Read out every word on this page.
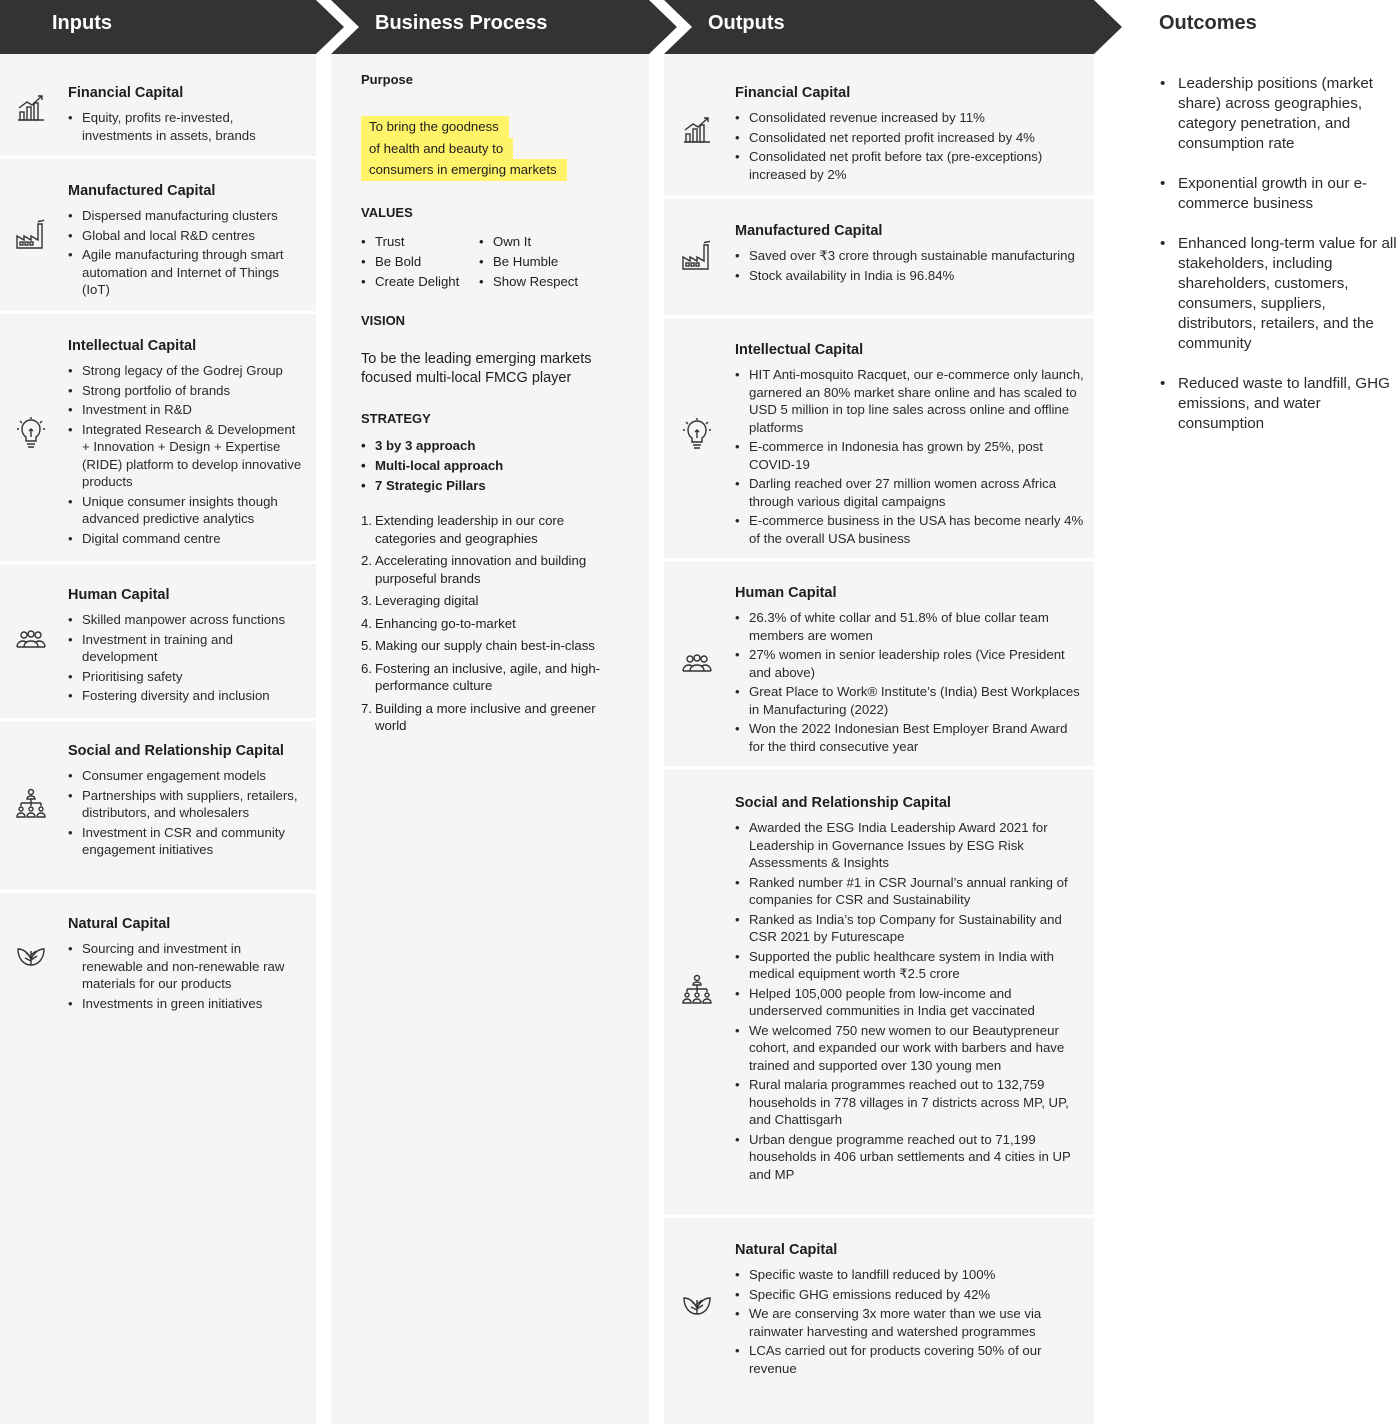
Inputs	Business Process	Outputs	Outcomes
Financial Capital
• Equity, profits re-invested, investments in assets, brands
Manufactured Capital
• Dispersed manufacturing clusters
• Global and local R&D centres
• Agile manufacturing through smart automation and Internet of Things (IoT)
Intellectual Capital
• Strong legacy of the Godrej Group
• Strong portfolio of brands
• Investment in R&D
• Integrated Research & Development + Innovation + Design + Expertise (RIDE) platform to develop innovative products
• Unique consumer insights though advanced predictive analytics
• Digital command centre
Human Capital
• Skilled manpower across functions
• Investment in training and development
• Prioritising safety
• Fostering diversity and inclusion
Social and Relationship Capital
• Consumer engagement models
• Partnerships with suppliers, retailers, distributors, and wholesalers
• Investment in CSR and community engagement initiatives
Natural Capital
• Sourcing and investment in renewable and non-renewable raw materials for our products
• Investments in green initiatives
Purpose
To bring the goodness
of health and beauty to
consumers in emerging markets
VALUES
• Trust
• Be Bold
• Create Delight
• Own It
• Be Humble
• Show Respect
VISION
To be the leading emerging markets focused multi-local FMCG player
STRATEGY
• 3 by 3 approach
• Multi-local approach
• 7 Strategic Pillars
1. Extending leadership in our core categories and geographies
2. Accelerating innovation and building purposeful brands
3. Leveraging digital
4. Enhancing go-to-market
5. Making our supply chain best-in-class
6. Fostering an inclusive, agile, and high-performance culture
7. Building a more inclusive and greener world
Financial Capital
• Consolidated revenue increased by 11%
• Consolidated net reported profit increased by 4%
• Consolidated net profit before tax (pre-exceptions) increased by 2%
Manufactured Capital
• Saved over ₹3 crore through sustainable manufacturing
• Stock availability in India is 96.84%
Intellectual Capital
• HIT Anti-mosquito Racquet, our e-commerce only launch, garnered an 80% market share online and has scaled to USD 5 million in top line sales across online and offline platforms
• E-commerce in Indonesia has grown by 25%, post COVID-19
• Darling reached over 27 million women across Africa through various digital campaigns
• E-commerce business in the USA has become nearly 4% of the overall USA business
Human Capital
• 26.3% of white collar and 51.8% of blue collar team members are women
• 27% women in senior leadership roles (Vice President and above)
• Great Place to Work® Institute’s (India) Best Workplaces in Manufacturing (2022)
• Won the 2022 Indonesian Best Employer Brand Award for the third consecutive year
Social and Relationship Capital
• Awarded the ESG India Leadership Award 2021 for Leadership in Governance Issues by ESG Risk Assessments & Insights
• Ranked number #1 in CSR Journal’s annual ranking of companies for CSR and Sustainability
• Ranked as India’s top Company for Sustainability and CSR 2021 by Futurescape
• Supported the public healthcare system in India with medical equipment worth ₹2.5 crore
• Helped 105,000 people from low-income and underserved communities in India get vaccinated
• We welcomed 750 new women to our Beautypreneur cohort, and expanded our work with barbers and have trained and supported over 130 young men
• Rural malaria programmes reached out to 132,759 households in 778 villages in 7 districts across MP, UP, and Chattisgarh
• Urban dengue programme reached out to 71,199 households in 406 urban settlements and 4 cities in UP and MP
Natural Capital
• Specific waste to landfill reduced by 100%
• Specific GHG emissions reduced by 42%
• We are conserving 3x more water than we use via rainwater harvesting and watershed programmes
• LCAs carried out for products covering 50% of our revenue
• Leadership positions (market share) across geographies, category penetration, and consumption rate
• Exponential growth in our e-commerce business
• Enhanced long-term value for all stakeholders, including shareholders, customers, consumers, suppliers, distributors, retailers, and the community
• Reduced waste to landfill, GHG emissions, and water consumption
